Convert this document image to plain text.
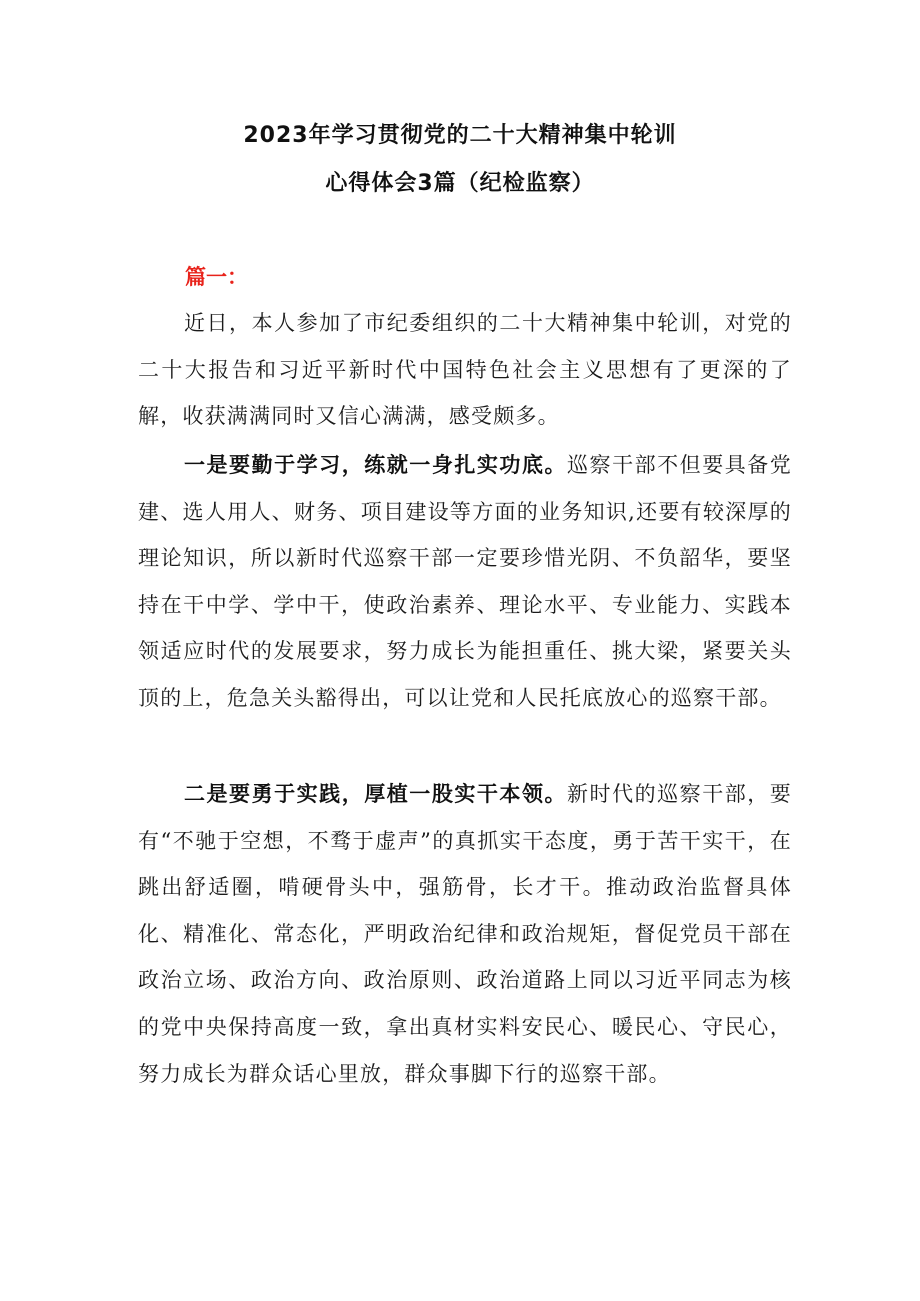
2023年学习贯彻党的二十大精神集中轮训
心得体会3篇（纪检监察）
篇一：

近日，本人参加了市纪委组织的二十大精神集中轮训，对党的二十大报告和习近平新时代中国特色社会主义思想有了更深的了解，收获满满同时又信心满满，感受颇多。

一是要勤于学习，练就一身扎实功底。巡察干部不但要具备党建、选人用人、财务、项目建设等方面的业务知识,还要有较深厚的理论知识，所以新时代巡察干部一定要珍惜光阴、不负韶华，要坚持在干中学、学中干，使政治素养、理论水平、专业能力、实践本领适应时代的发展要求，努力成长为能担重任、挑大梁，紧要关头顶的上，危急关头豁得出，可以让党和人民托底放心的巡察干部。

二是要勇于实践，厚植一股实干本领。新时代的巡察干部，要有“不驰于空想，不骛于虚声”的真抓实干态度，勇于苦干实干，在跳出舒适圈，啃硬骨头中，强筋骨，长才干。推动政治监督具体化、精准化、常态化，严明政治纪律和政治规矩，督促党员干部在政治立场、政治方向、政治原则、政治道路上同以习近平同志为核的党中央保持高度一致，拿出真材实料安民心、暖民心、守民心，努力成长为群众话心里放，群众事脚下行的巡察干部。
